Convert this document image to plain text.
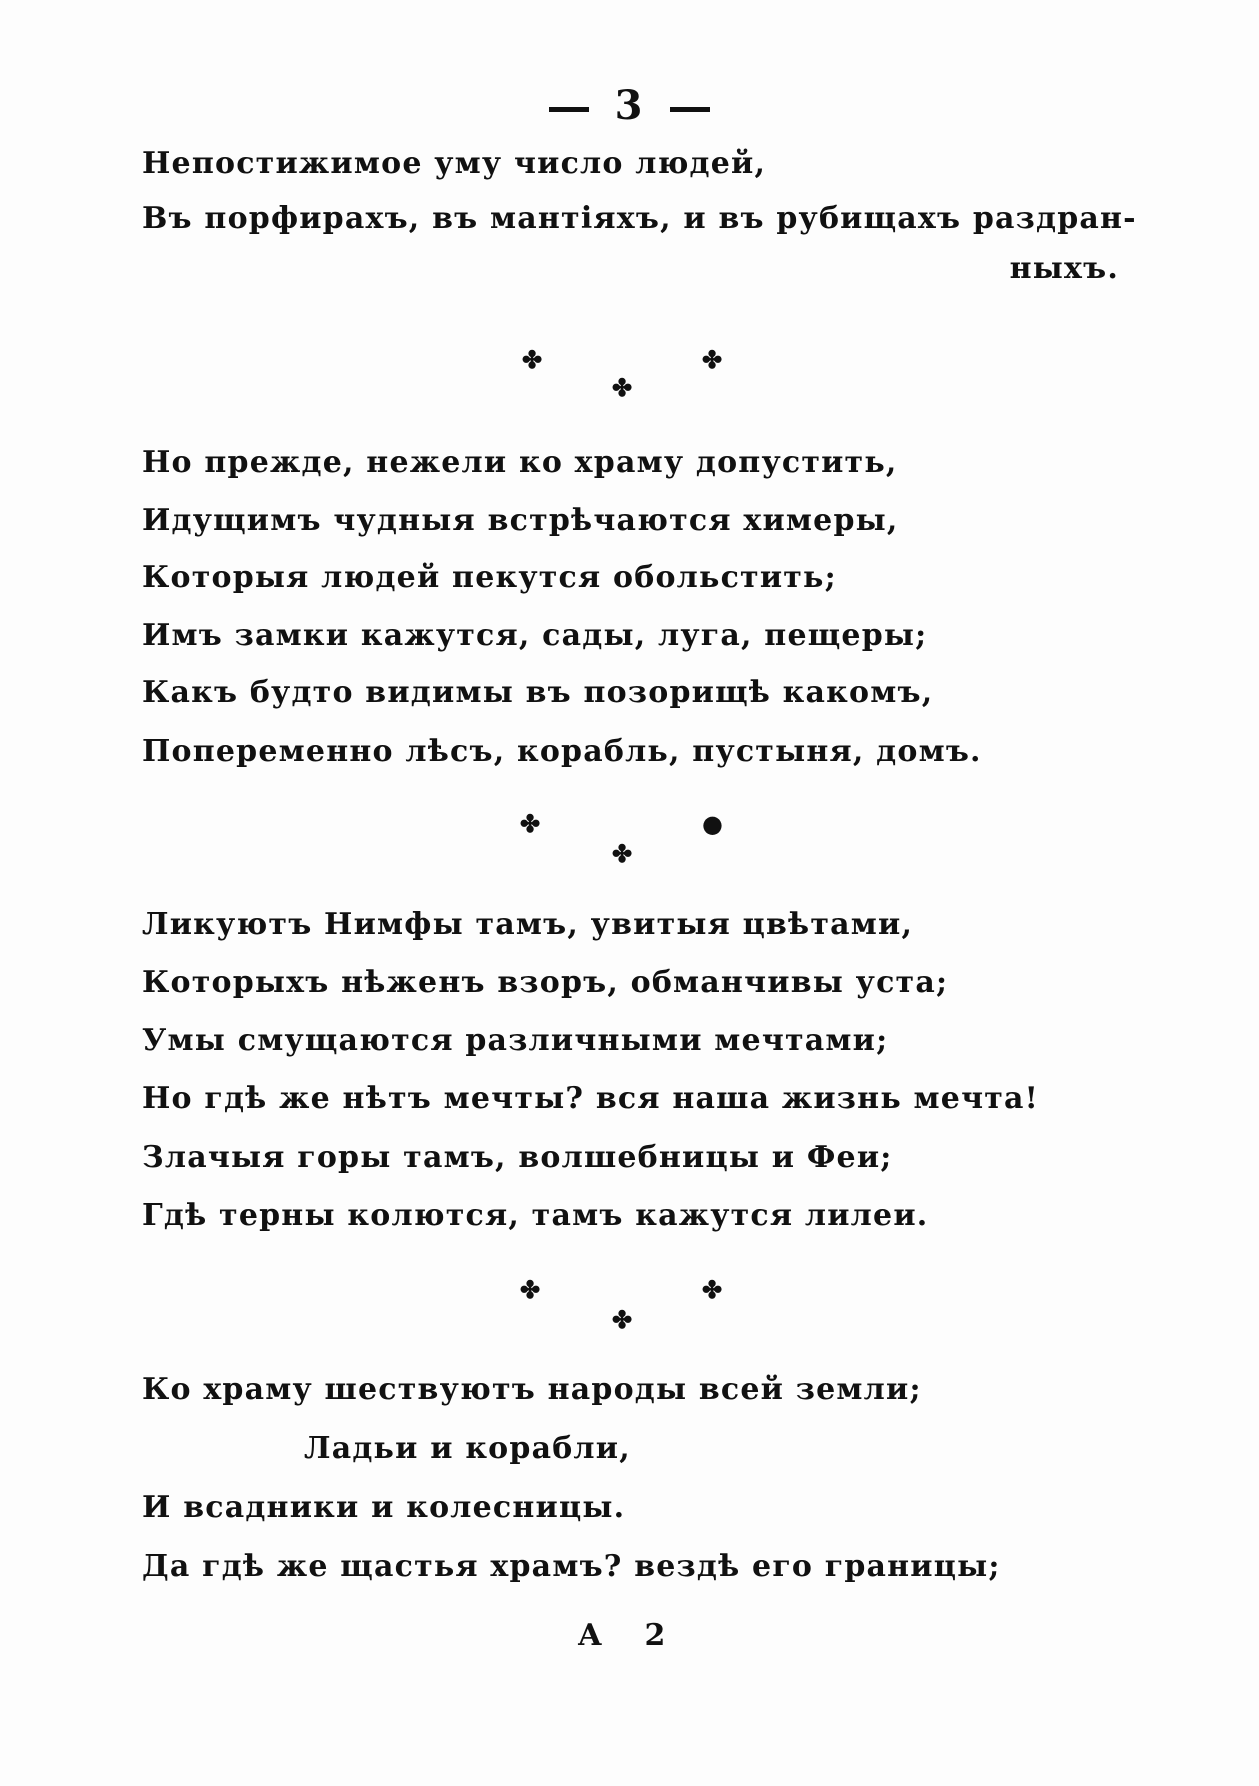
3
Непостижимое уму число людей,
Въ порфирахъ, въ мантiяхъ, и въ рубищахъ раздран-
ныхъ.
✤	✤
✤
Но прежде, нежели ко храму допустить,
Идущимъ чудныя встрѣчаются химеры,
Которыя людей пекутся обольстить;
Имъ замки кажутся, сады, луга, пещеры;
Какъ будто видимы въ позорищѣ какомъ,
Попеременно лѣсъ, корабль, пустыня, домъ.
✤	●
✤
Ликуютъ Нимфы тамъ, увитыя цвѣтами,
Которыхъ нѣженъ взоръ, обманчивы уста;
Умы смущаются различными мечтами;
Но гдѣ же нѣтъ мечты? вся наша жизнь мечта!
Злачыя горы тамъ, волшебницы и Феи;
Гдѣ терны колются, тамъ кажутся лилеи.
✤	✤
✤
Ко храму шествуютъ народы всей земли;
Ладьи и корабли,
И всадники и колесницы.
Да гдѣ же щастья храмъ? вездѣ его границы;
А 2
